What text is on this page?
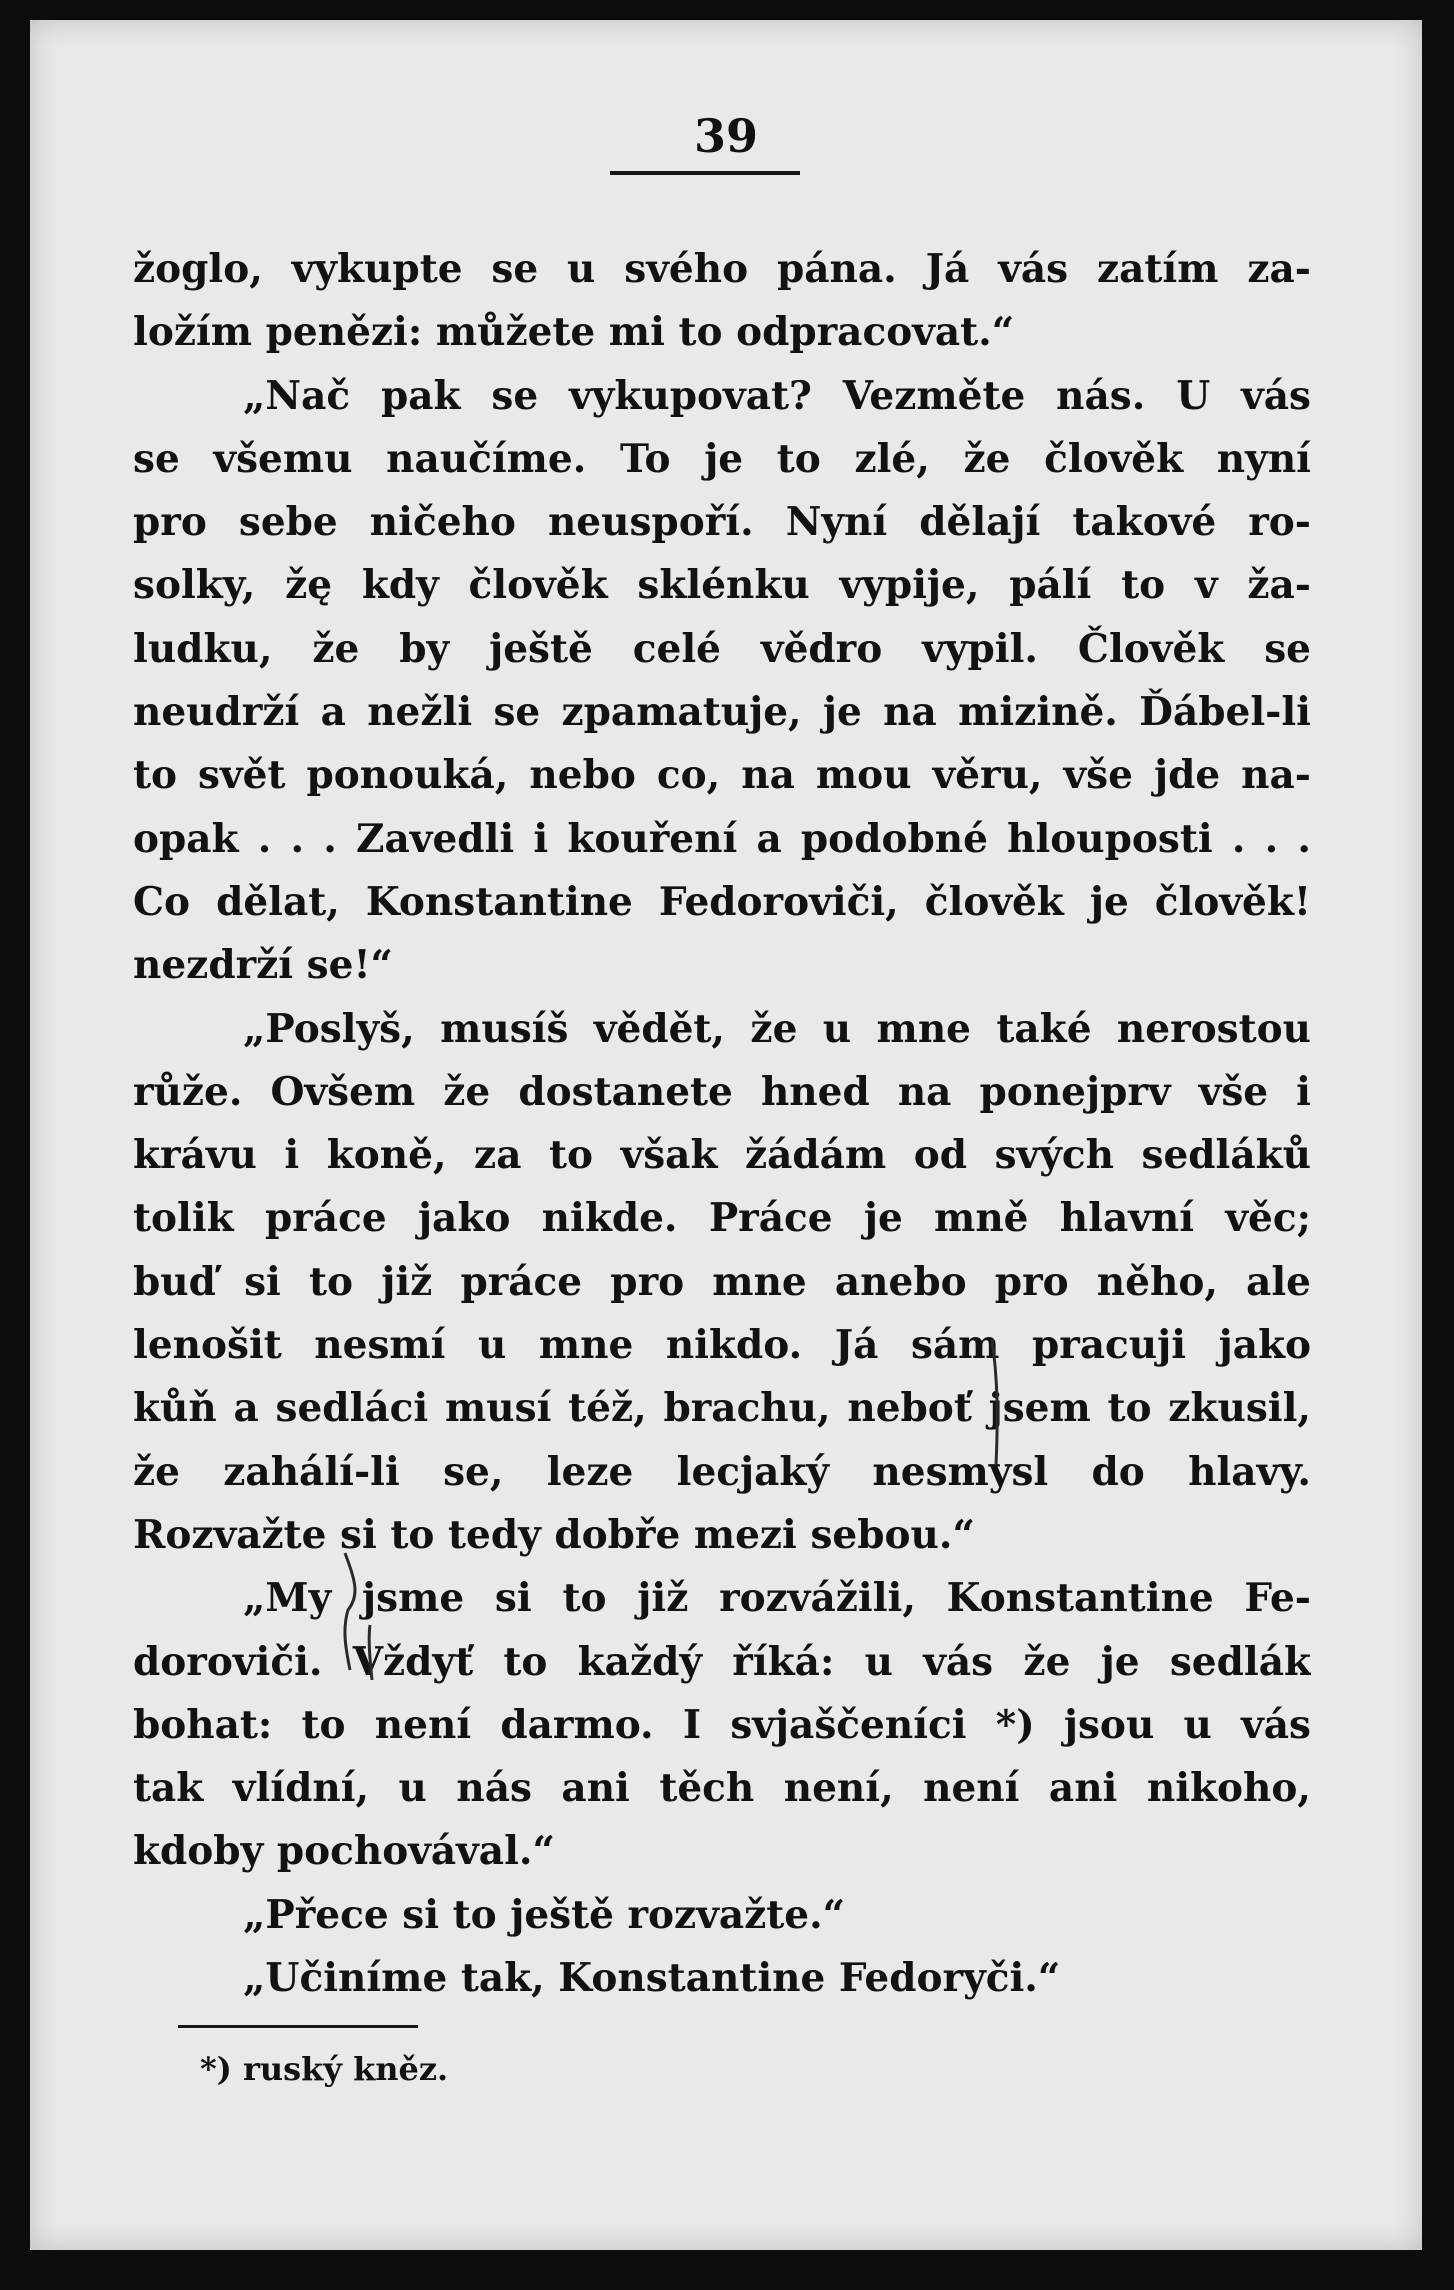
39
žoglo, vykupte se u svého pána. Já vás zatím za-
ložím penězi: můžete mi to odpracovat.“
„Nač pak se vykupovat? Vezměte nás. U vás
se všemu naučíme. To je to zlé, že člověk nyní
pro sebe ničeho neuspoří. Nyní dělají takové ro-
solky, žę kdy člověk sklénku vypije, pálí to v ža-
ludku, že by ještě celé vědro vypil. Člověk se
neudrží a nežli se zpamatuje, je na mizině. Ďábel-li
to svět ponouká, nebo co, na mou věru, vše jde na-
opak . . . Zavedli i kouření a podobné hlouposti . . .
Co dělat, Konstantine Fedoroviči, člověk je člověk!
nezdrží se!“
„Poslyš, musíš vědět, že u mne také nerostou
růže. Ovšem že dostanete hned na ponejprv vše i
krávu i koně, za to však žádám od svých sedláků
tolik práce jako nikde. Práce je mně hlavní věc;
buď si to již práce pro mne anebo pro něho, ale
lenošit nesmí u mne nikdo. Já sám pracuji jako
kůň a sedláci musí též, brachu, neboť jsem to zkusil,
že zahálí-li se, leze lecjaký nesmysl do hlavy.
Rozvažte si to tedy dobře mezi sebou.“
„My jsme si to již rozvážili, Konstantine Fe-
doroviči. Vždyť to každý říká: u vás že je sedlák
bohat: to není darmo. I svjaščeníci *) jsou u vás
tak vlídní, u nás ani těch není, není ani nikoho,
kdoby pochovával.“
„Přece si to ještě rozvažte.“
„Učiníme tak, Konstantine Fedoryči.“
*) ruský kněz.
